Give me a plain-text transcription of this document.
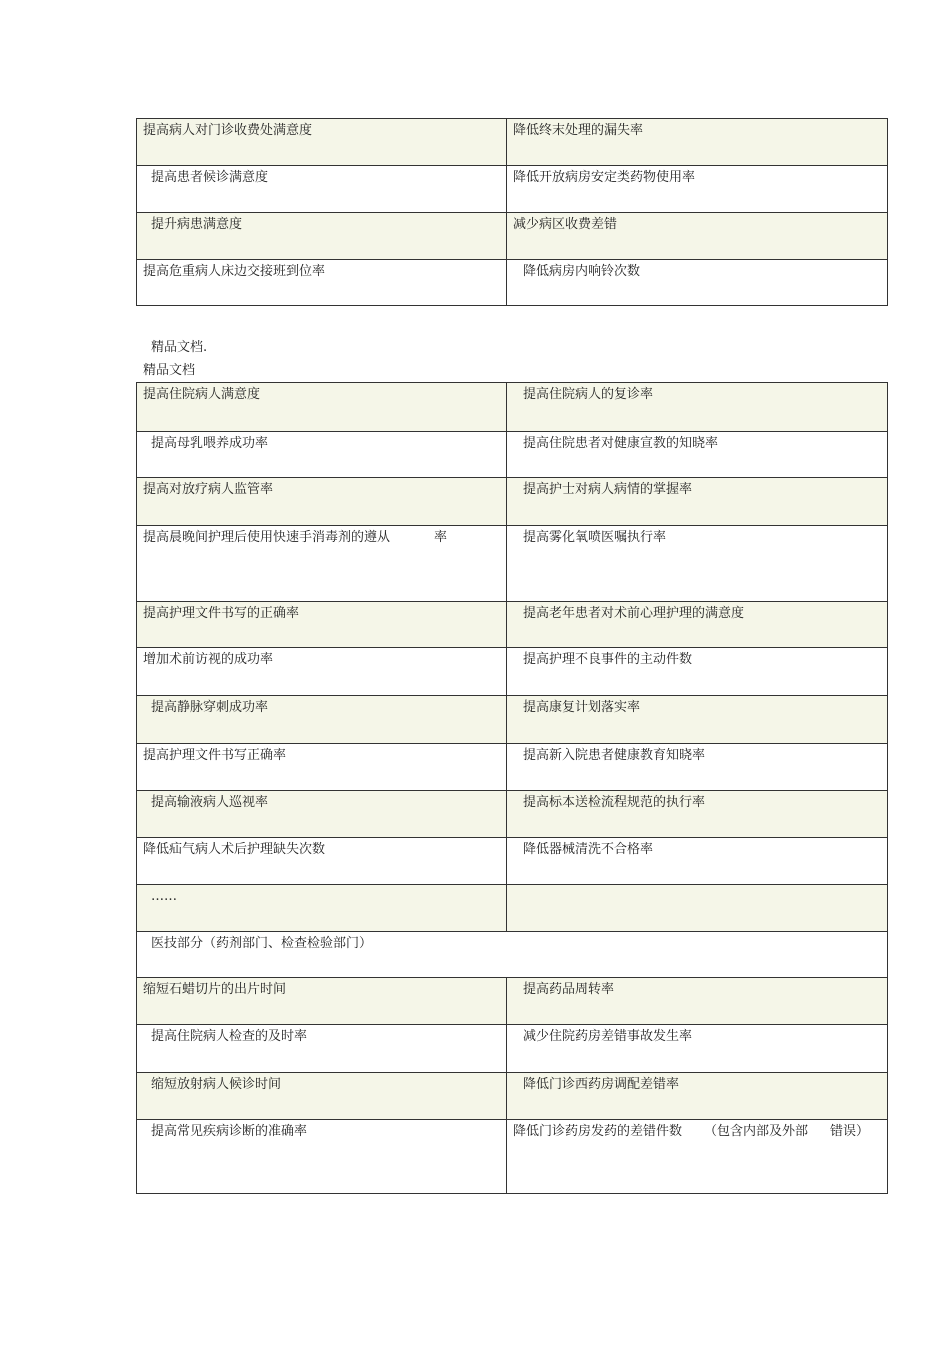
提高病人对门诊收费处满意度	降低终末处理的漏失率
提高患者候诊满意度	降低开放病房安定类药物使用率
提升病患满意度	减少病区收费差错
提高危重病人床边交接班到位率	降低病房内响铃次数
精品文档.
精品文档
提高住院病人满意度	提高住院病人的复诊率
提高母乳喂养成功率	提高住院患者对健康宣教的知晓率
提高对放疗病人监管率	提高护士对病人病情的掌握率
提高晨晚间护理后使用快速手消毒剂的遵从 率	提高雾化氧喷医嘱执行率
提高护理文件书写的正确率	提高老年患者对术前心理护理的满意度
增加术前访视的成功率	提高护理不良事件的主动件数
提高静脉穿刺成功率	提高康复计划落实率
提高护理文件书写正确率	提高新入院患者健康教育知晓率
提高输液病人巡视率	提高标本送检流程规范的执行率
降低疝气病人术后护理缺失次数	降低器械清洗不合格率
……	
医技部分（药剂部门、检查检验部门）	
缩短石蜡切片的出片时间	提高药品周转率
提高住院病人检查的及时率	减少住院药房差错事故发生率
缩短放射病人候诊时间	降低门诊西药房调配差错率
提高常见疾病诊断的准确率	降低门诊药房发药的差错件数 （包含内部及外部 错误）
